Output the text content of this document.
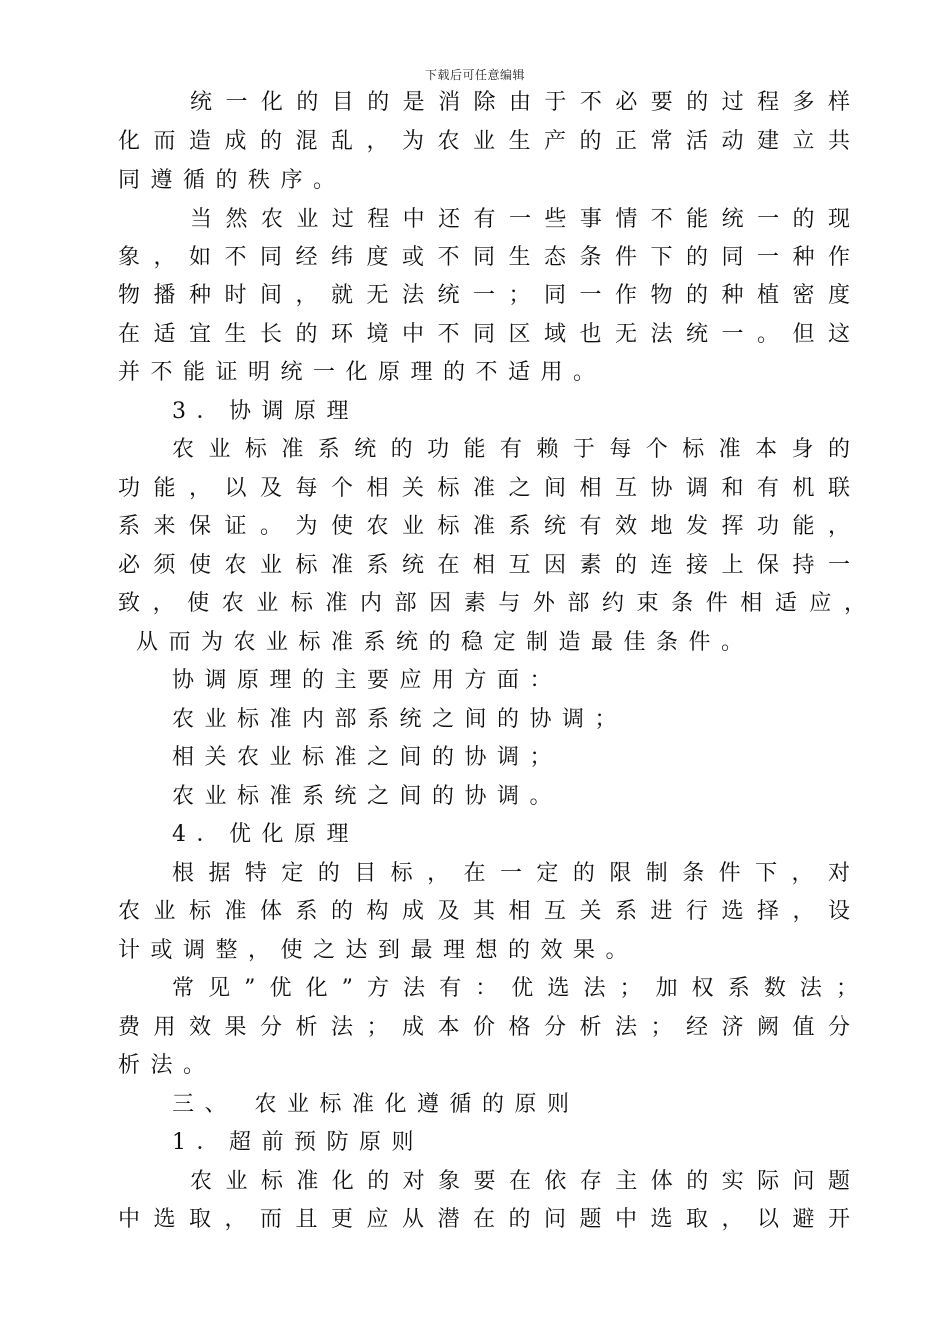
下载后可任意编辑
统一化的目的是消除由于不必要的过程多样
化而造成的混乱，为农业生产的正常活动建立共
同遵循的秩序。
当然农业过程中还有一些事情不能统一的现
象，如不同经纬度或不同生态条件下的同一种作
物播种时间，就无法统一；同一作物的种植密度
在适宜生长的环境中不同区域也无法统一。但这
并不能证明统一化原理的不适用。
3．协调原理
农业标准系统的功能有赖于每个标准本身的
功能，以及每个相关标准之间相互协调和有机联
系来保证。为使农业标准系统有效地发挥功能，
必须使农业标准系统在相互因素的连接上保持一
致，使农业标准内部因素与外部约束条件相适应，
从而为农业标准系统的稳定制造最佳条件。
协调原理的主要应用方面：
农业标准内部系统之间的协调；
相关农业标准之间的协调；
农业标准系统之间的协调。
4．优化原理
根据特定的目标，在一定的限制条件下，对
农业标准体系的构成及其相互关系进行选择，设
计或调整，使之达到最理想的效果。
常见”优化”方法有：优选法；加权系数法；
费用效果分析法；成本价格分析法；经济阙值分
析法。
三、 农业标准化遵循的原则
1．超前预防原则
农业标准化的对象要在依存主体的实际问题
中选取，而且更应从潜在的问题中选取，以避开
